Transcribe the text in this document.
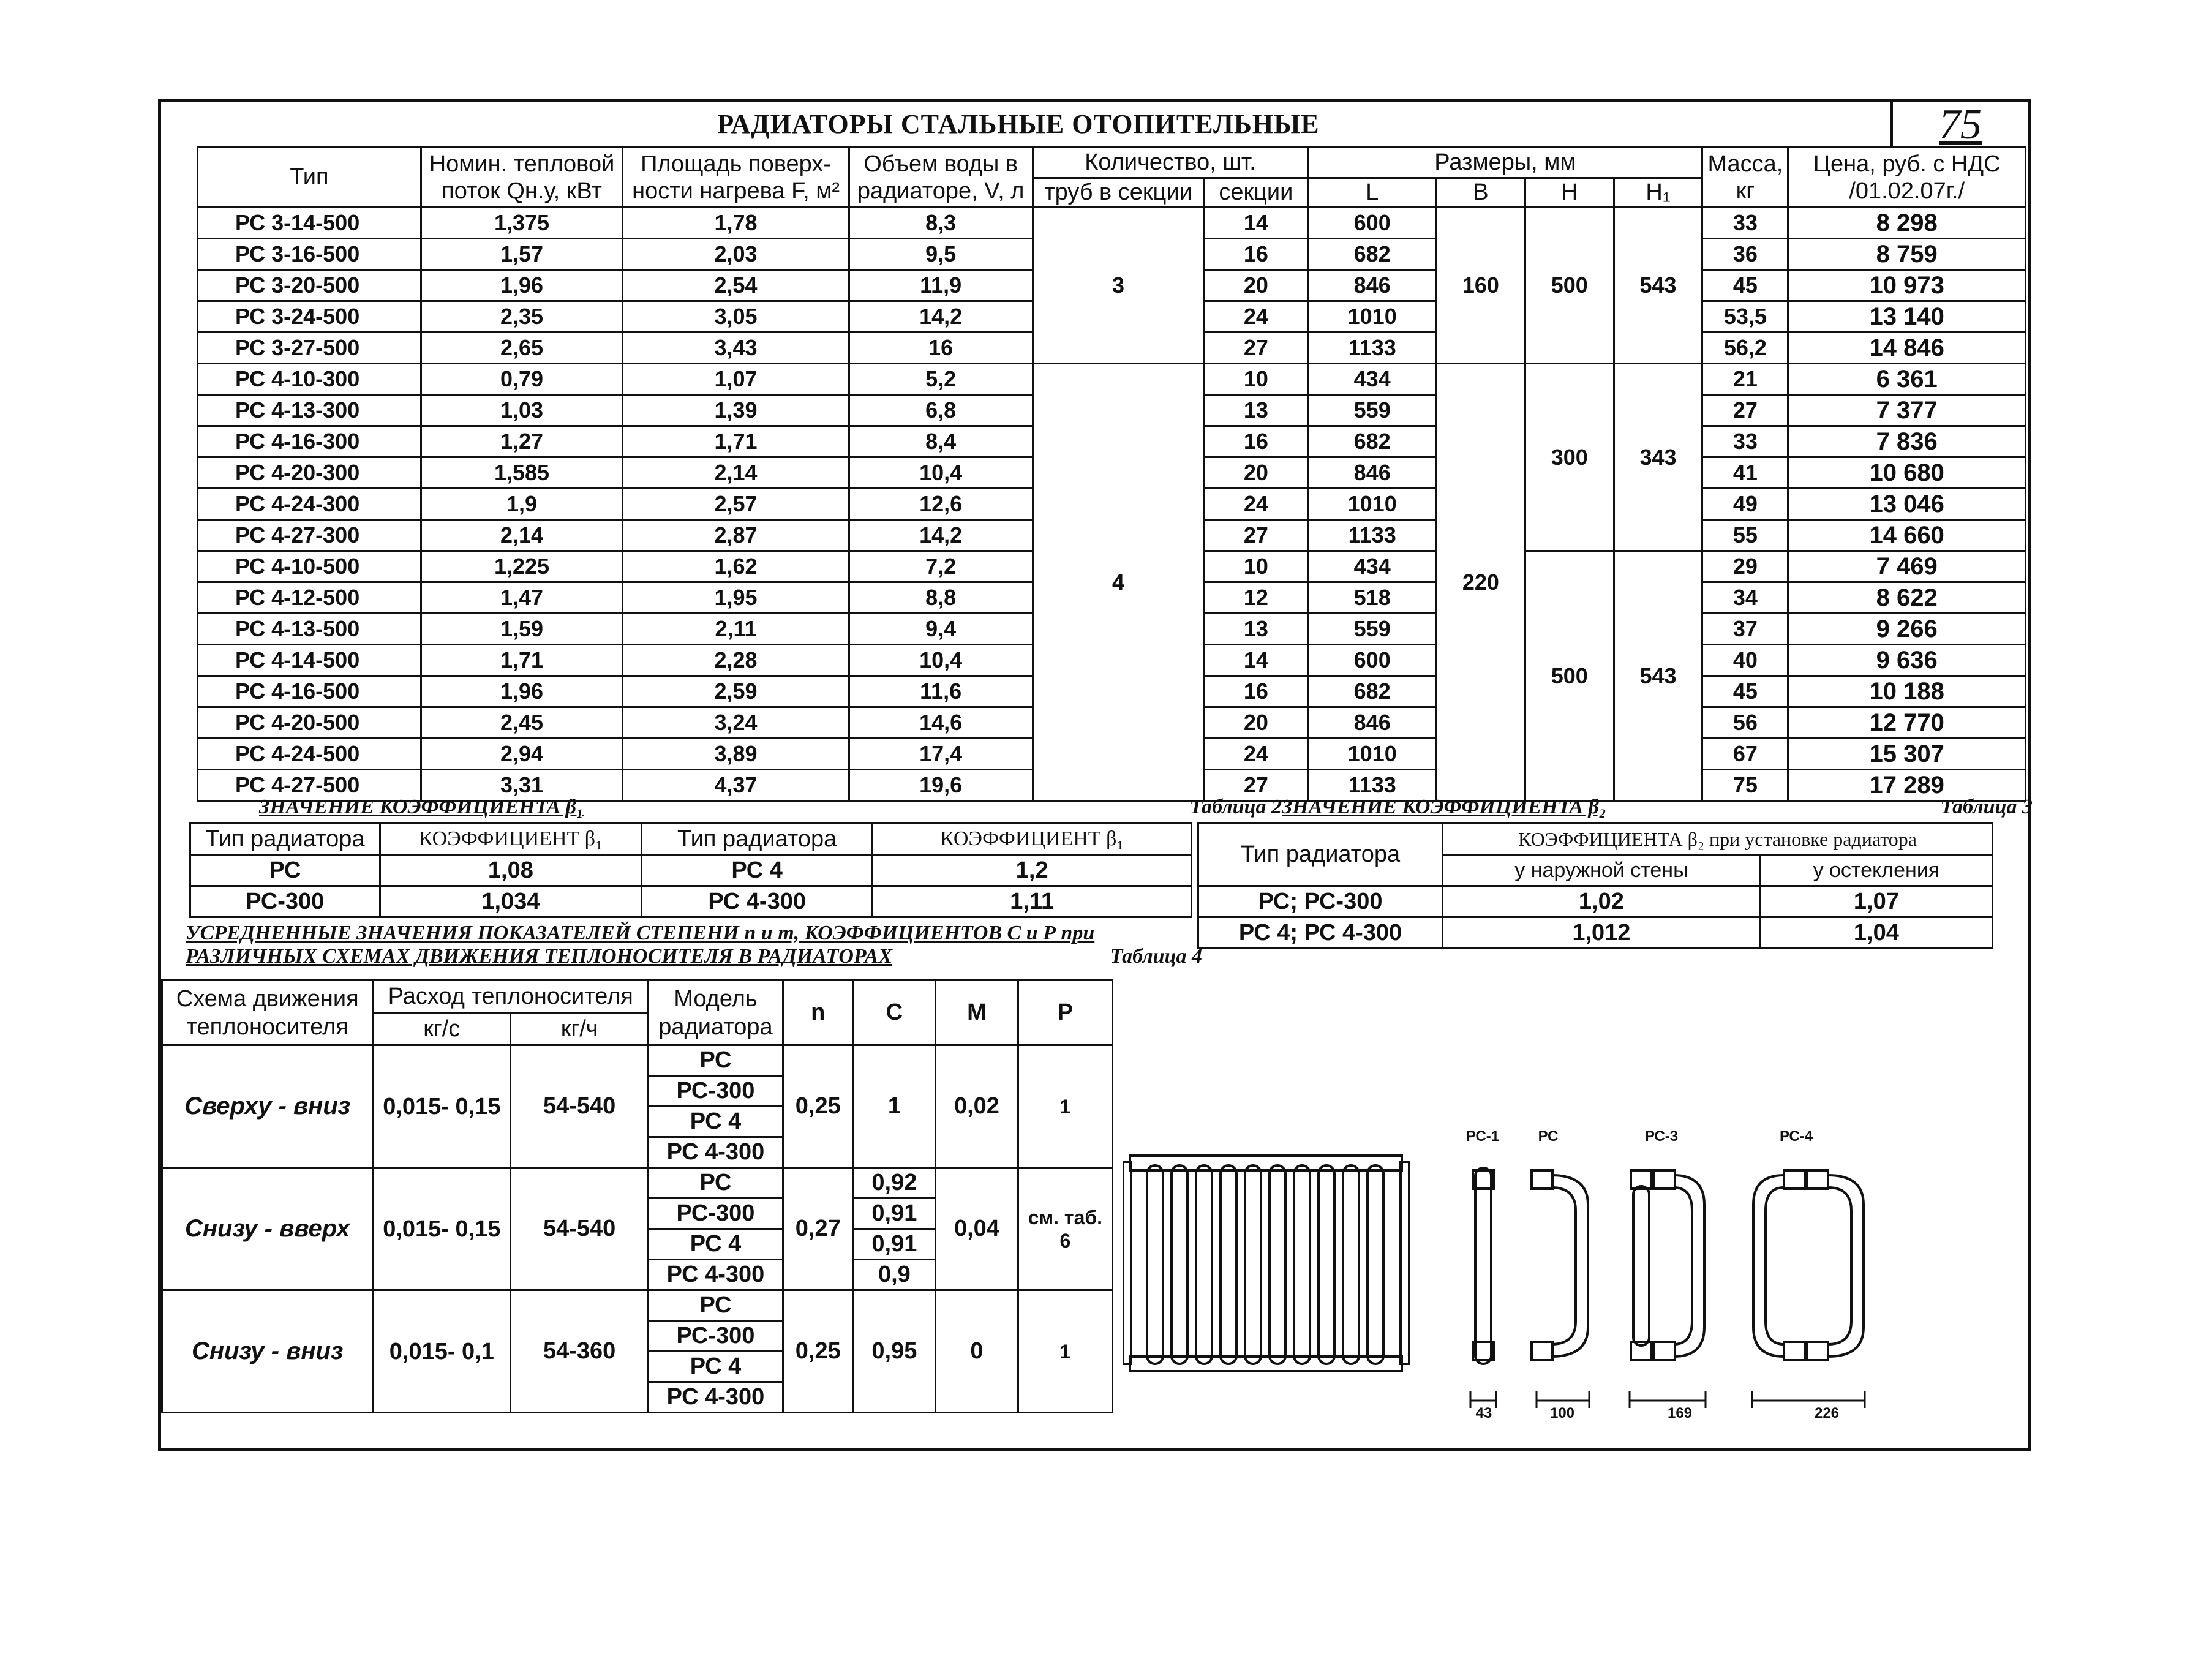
РАДИАТОРЫ СТАЛЬНЫЕ ОТОПИТЕЛЬНЫЕ	75
Тип	Номин. тепловой поток Qн.у, кВт	Площадь поверх-ности нагрева F, м²	Объем воды в радиаторе, V, л	Количество, шт.		Размеры, мм				Масса, кг	Цена, руб. с НДС /01.02.07г./
				труб в секции	секции	L	B	H	H₁		
РС 3-14-500	1,375	1,78	8,3	3	14	600	160	500	543	33	8 298
РС 3-16-500	1,57	2,03	9,5		16	682				36	8 759
РС 3-20-500	1,96	2,54	11,9		20	846				45	10 973
РС 3-24-500	2,35	3,05	14,2		24	1010				53,5	13 140
РС 3-27-500	2,65	3,43	16		27	1133				56,2	14 846
РС 4-10-300	0,79	1,07	5,2	4	10	434	220	300	343	21	6 361
РС 4-13-300	1,03	1,39	6,8		13	559				27	7 377
РС 4-16-300	1,27	1,71	8,4		16	682				33	7 836
РС 4-20-300	1,585	2,14	10,4		20	846				41	10 680
РС 4-24-300	1,9	2,57	12,6		24	1010				49	13 046
РС 4-27-300	2,14	2,87	14,2		27	1133				55	14 660
РС 4-10-500	1,225	1,62	7,2		10	434		500	543	29	7 469
РС 4-12-500	1,47	1,95	8,8		12	518				34	8 622
РС 4-13-500	1,59	2,11	9,4		13	559				37	9 266
РС 4-14-500	1,71	2,28	10,4		14	600				40	9 636
РС 4-16-500	1,96	2,59	11,6		16	682				45	10 188
РС 4-20-500	2,45	3,24	14,6		20	846				56	12 770
РС 4-24-500	2,94	3,89	17,4		24	1010				67	15 307
РС 4-27-500	3,31	4,37	19,6		27	1133				75	17 289
ЗНАЧЕНИЕ КОЭФФИЦИЕНТА β₁	Таблица 2
Тип радиатора	КОЭФФИЦИЕНТ β₁	Тип радиатора	КОЭФФИЦИЕНТ β₁
РС	1,08	РС 4	1,2
РС-300	1,034	РС 4-300	1,11
ЗНАЧЕНИЕ КОЭФФИЦИЕНТА β₂	Таблица 3
Тип радиатора	КОЭФФИЦИЕНТА β₂ при установке радиатора	
	у наружной стены	у остекления
РС; РС-300	1,02	1,07
РС 4; РС 4-300	1,012	1,04
УСРЕДНЕННЫЕ ЗНАЧЕНИЯ ПОКАЗАТЕЛЕЙ СТЕПЕНИ n и m, КОЭФФИЦИЕНТОВ С и Р при
РАЗЛИЧНЫХ СХЕМАХ ДВИЖЕНИЯ ТЕПЛОНОСИТЕЛЯ В РАДИАТОРАХ	Таблица 4
Схема движения теплоносителя	Расход теплоносителя		Модель радиатора	n	C	M	P
	кг/с	кг/ч					
Сверху - вниз	0,015- 0,15	54-540	РС	0,25	1	0,02	1
			РС-300				
			РС 4				
			РС 4-300				
Снизу - вверх	0,015- 0,15	54-540	РС	0,27	0,92	0,04	см. таб. 6
			РС-300		0,91		
			РС 4		0,91		
			РС 4-300		0,9		
Снизу - вниз	0,015- 0,1	54-360	РС	0,25	0,95	0	1
			РС-300				
			РС 4				
			РС 4-300				
РС-1	РС	РС-3	РС-4
43	100	169	226
